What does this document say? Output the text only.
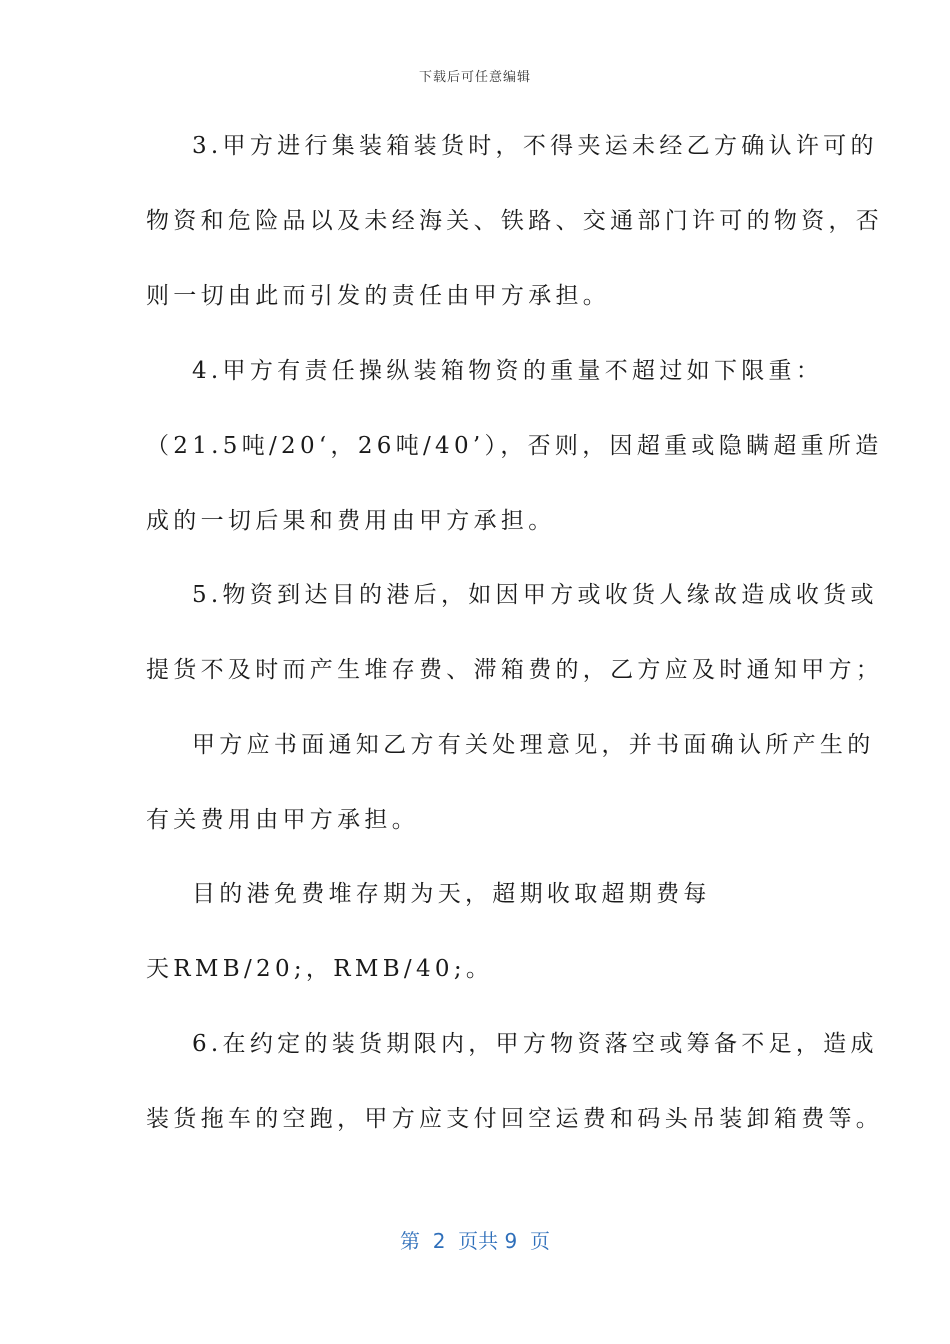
下载后可任意编辑
3.甲方进行集装箱装货时，不得夹运未经乙方确认许可的
物资和危险品以及未经海关、铁路、交通部门许可的物资，否
则一切由此而引发的责任由甲方承担。
4.甲方有责任操纵装箱物资的重量不超过如下限重：
（21.5吨/20‘，26吨/40’），否则，因超重或隐瞒超重所造
成的一切后果和费用由甲方承担。
5.物资到达目的港后，如因甲方或收货人缘故造成收货或
提货不及时而产生堆存费、滞箱费的，乙方应及时通知甲方；
甲方应书面通知乙方有关处理意见，并书面确认所产生的
有关费用由甲方承担。
目的港免费堆存期为天，超期收取超期费每
天RMB/20;，RMB/40;。
6.在约定的装货期限内，甲方物资落空或筹备不足，造成
装货拖车的空跑，甲方应支付回空运费和码头吊装卸箱费等。
第  2  页共 9  页
